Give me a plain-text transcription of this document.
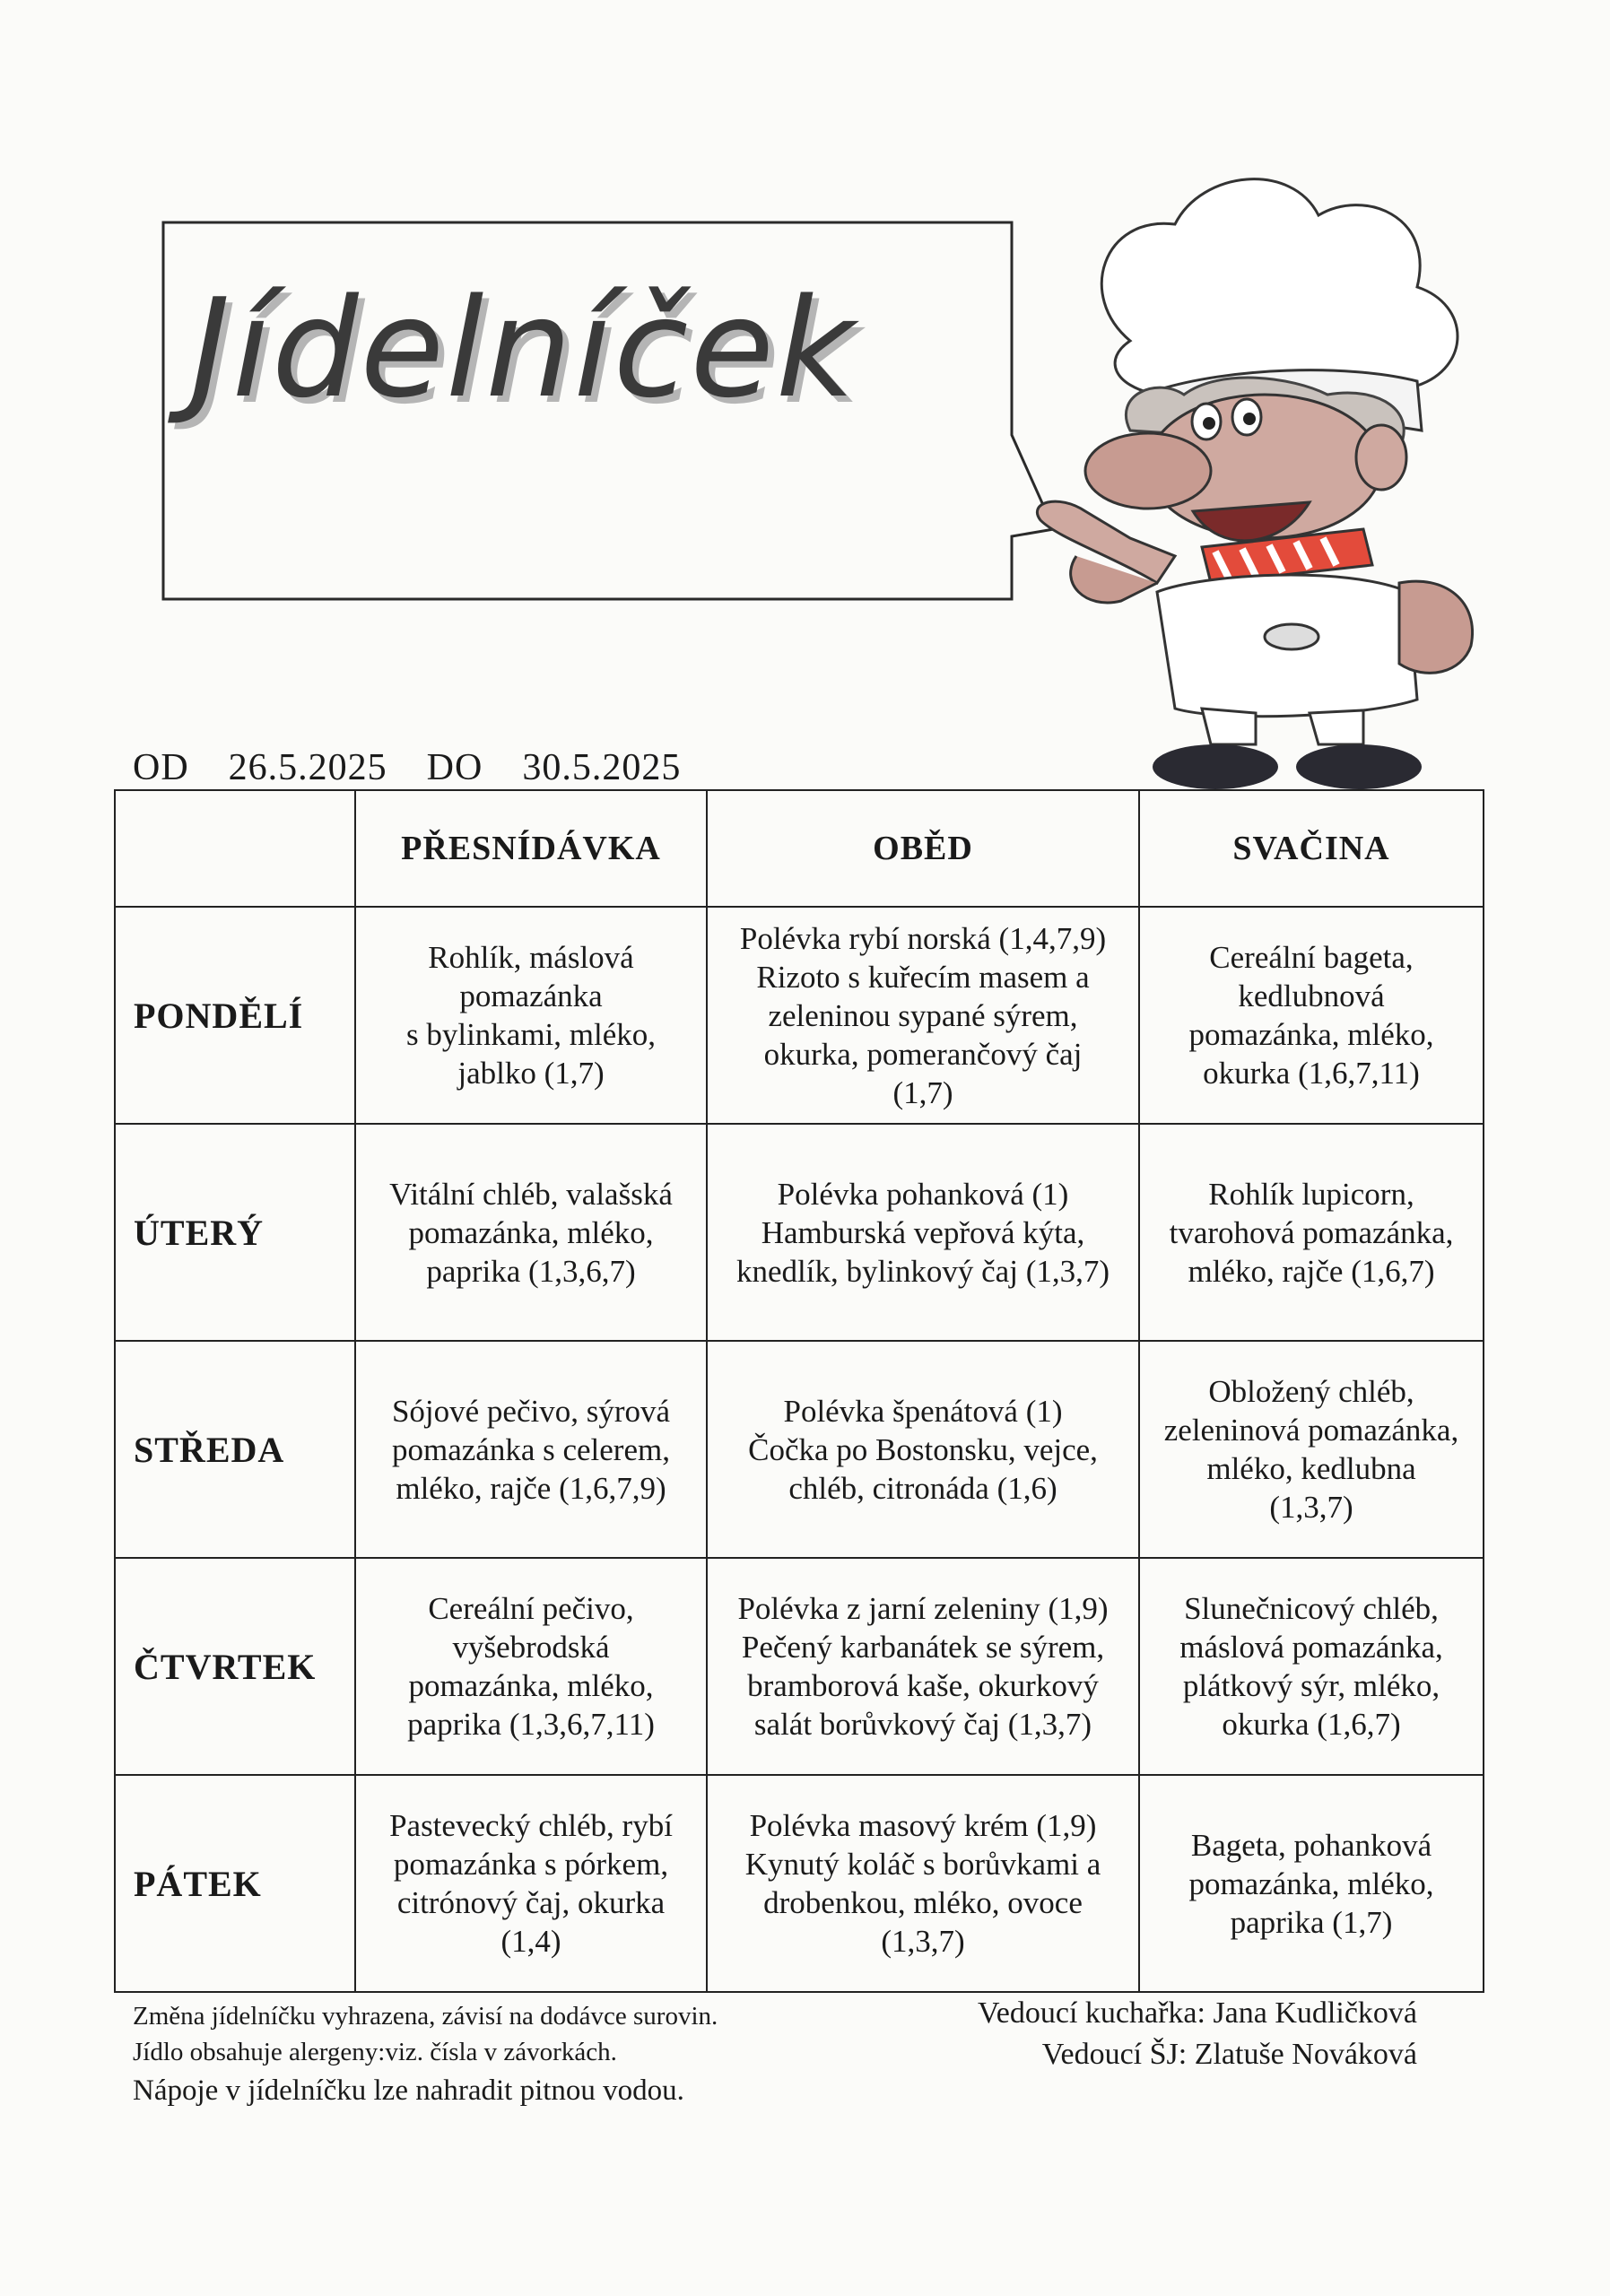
Jídelníček
OD 26.5.2025 DO 30.5.2025
	PŘESNÍDÁVKA	OBĚD	SVAČINA
PONDĚLÍ	Rohlík, máslová
pomazánka
s bylinkami, mléko,
jablko (1,7)	Polévka rybí norská (1,4,7,9)
Rizoto s kuřecím masem a
zeleninou sypané sýrem,
okurka, pomerančový čaj
(1,7)	Cereální bageta,
kedlubnová
pomazánka, mléko,
okurka (1,6,7,11)

ÚTERÝ	Vitální chléb, valašská
pomazánka, mléko,
paprika (1,3,6,7)	Polévka pohanková (1)
Hamburská vepřová kýta,
knedlík, bylinkový čaj (1,3,7)	Rohlík lupicorn,
tvarohová pomazánka,
mléko, rajče (1,6,7)

STŘEDA	Sójové pečivo, sýrová
pomazánka s celerem,
mléko, rajče (1,6,7,9)	Polévka špenátová (1)
Čočka po Bostonsku, vejce,
chléb, citronáda (1,6)	Obložený chléb,
zeleninová pomazánka,
mléko, kedlubna
(1,3,7)

ČTVRTEK	Cereální pečivo,
vyšebrodská
pomazánka, mléko,
paprika (1,3,6,7,11)	Polévka z jarní zeleniny (1,9)
Pečený karbanátek se sýrem,
bramborová kaše, okurkový
salát borůvkový čaj (1,3,7)	Slunečnicový chléb,
máslová pomazánka,
plátkový sýr, mléko,
okurka (1,6,7)

PÁTEK	Pastevecký chléb, rybí
pomazánka s pórkem,
citrónový čaj, okurka
(1,4)	Polévka masový krém (1,9)
Kynutý koláč s borůvkami a
drobenkou, mléko, ovoce
(1,3,7)	Bageta, pohanková
pomazánka, mléko,
paprika (1,7)
Změna jídelníčku vyhrazena, závisí na dodávce surovin.
Jídlo obsahuje alergeny:viz. čísla v závorkách.
Nápoje v jídelníčku lze nahradit pitnou vodou.
Vedoucí kuchařka: Jana Kudličková
Vedoucí ŠJ: Zlatuše Nováková
